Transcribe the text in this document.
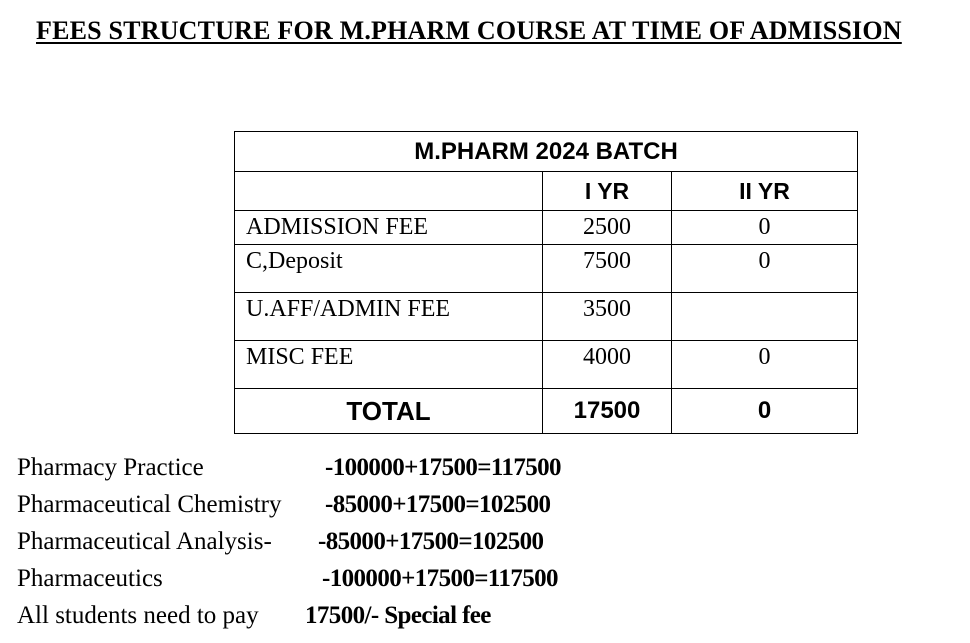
FEES STRUCTURE FOR M.PHARM COURSE AT TIME OF ADMISSION
M.PHARM 2024 BATCH		
	I YR	II YR
ADMISSION FEE	2500	0
C,Deposit	7500	0
U.AFF/ADMIN FEE	3500	
MISC FEE	4000	0
TOTAL	17500	0
Pharmacy Practice	-100000+17500=117500
Pharmaceutical Chemistry -85000+17500=102500
Pharmaceutical Analysis- -85000+17500=102500
Pharmaceutics	-100000+17500=117500
All students need to pay 17500/- Special fee
